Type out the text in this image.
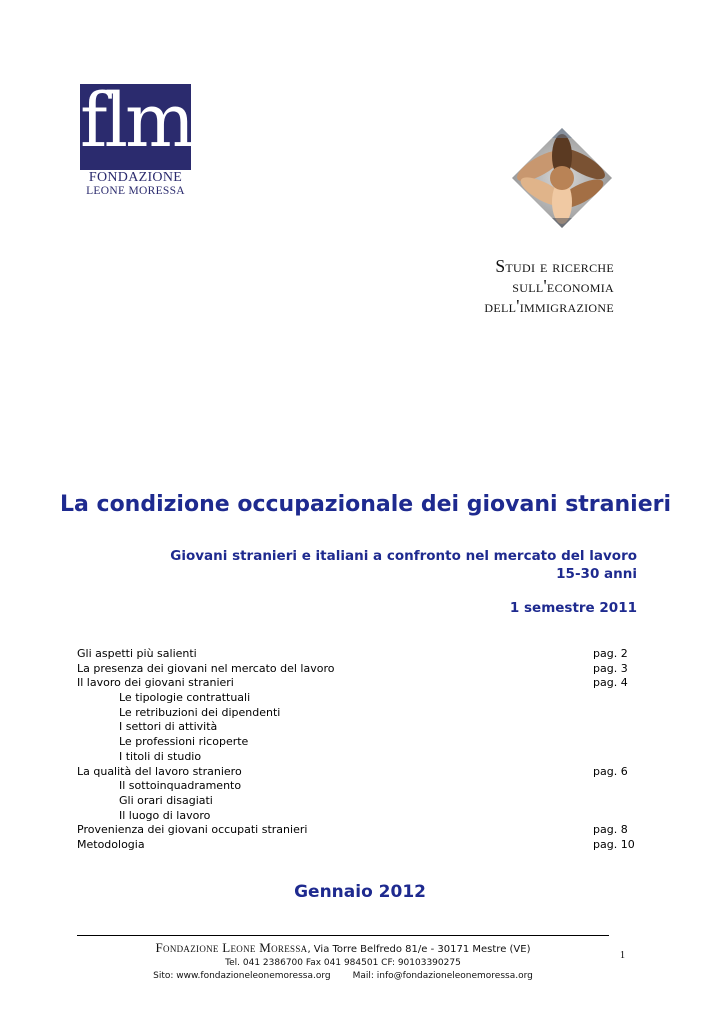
flm
FONDAZIONE
LEONE MORESSA
Studi e ricerche
sull'economia
dell'immigrazione
La condizione occupazionale dei giovani stranieri
Giovani stranieri e italiani a confronto nel mercato del lavoro
15-30 anni
1 semestre 2011
Gli aspetti più salienti	pag. 2
La presenza dei giovani nel mercato del lavoro	pag. 3
Il lavoro dei giovani stranieri	pag. 4
Le tipologie contrattuali
Le retribuzioni dei dipendenti
I settori di attività
Le professioni ricoperte
I titoli di studio
La qualità del lavoro straniero	pag. 6
Il sottoinquadramento
Gli orari disagiati
Il luogo di lavoro
Provenienza dei giovani occupati stranieri	pag. 8
Metodologia	pag. 10
Gennaio 2012
Fondazione Leone Moressa, Via Torre Belfredo 81/e - 30171 Mestre (VE)
Tel. 041 2386700 Fax 041 984501 CF: 90103390275
Sito: www.fondazioneleonemoressa.org Mail: info@fondazioneleonemoressa.org
1
